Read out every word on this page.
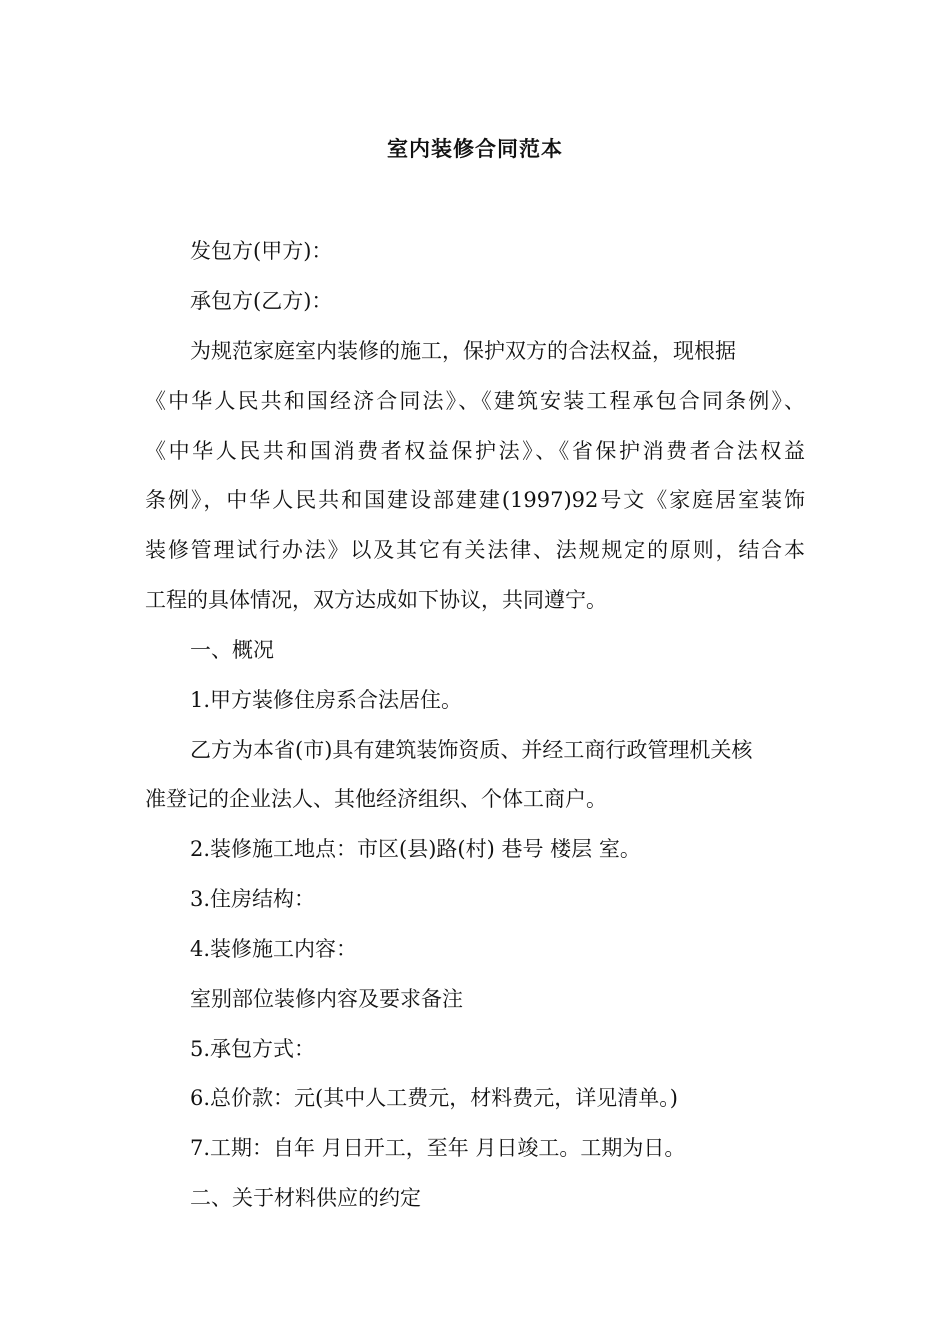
室内装修合同范本
发包方(甲方)：
承包方(乙方)：
为规范家庭室内装修的施工，保护双方的合法权益，现根据
《中华人民共和国经济合同法》、《建筑安装工程承包合同条例》、
《中华人民共和国消费者权益保护法》、《省保护消费者合法权益
条例》，中华人民共和国建设部建建(1997)92号文《家庭居室装饰
装修管理试行办法》以及其它有关法律、法规规定的原则，结合本
工程的具体情况，双方达成如下协议，共同遵宁。
一、概况
1.甲方装修住房系合法居住。
乙方为本省(市)具有建筑装饰资质、并经工商行政管理机关核
准登记的企业法人、其他经济组织、个体工商户。
2.装修施工地点：市区(县)路(村) 巷号 楼层 室。
3.住房结构：
4.装修施工内容：
室别部位装修内容及要求备注
5.承包方式：
6.总价款：元(其中人工费元，材料费元，详见清单。)
7.工期：自年 月日开工，至年 月日竣工。工期为日。
二、关于材料供应的约定
